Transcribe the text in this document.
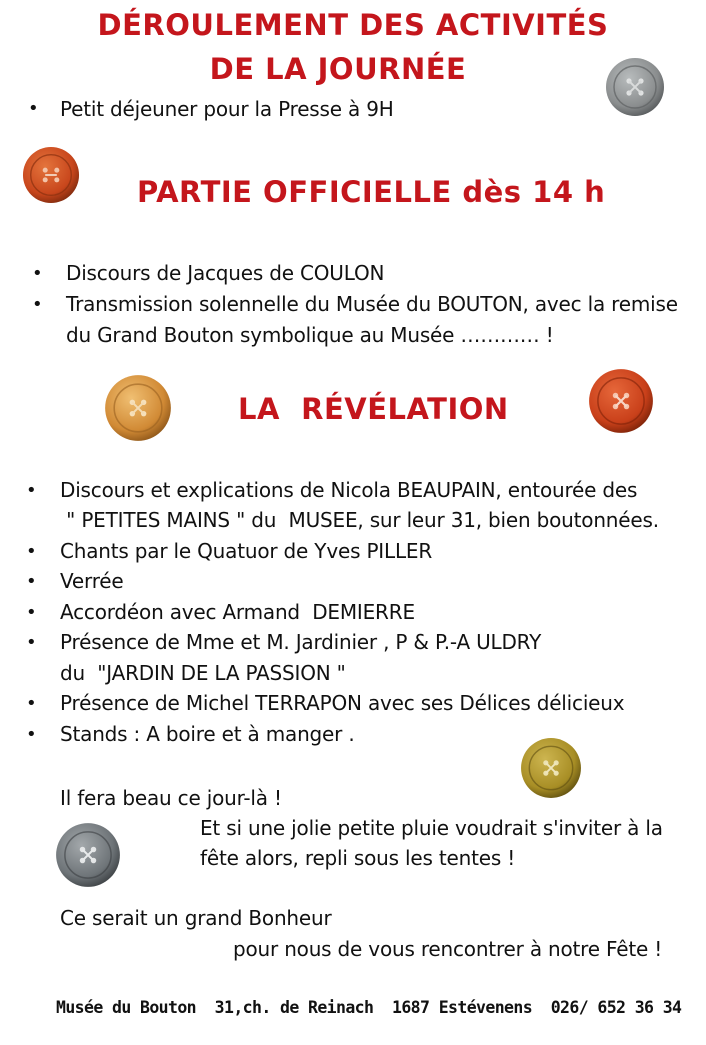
DÉROULEMENT DES ACTIVITÉS
DE LA JOURNÉE
• Petit déjeuner pour la Presse à 9H
PARTIE OFFICIELLE dès 14 h
• Discours de Jacques de COULON
• Transmission solennelle du Musée du BOUTON, avec la remise
du Grand Bouton symbolique au Musée ………… !
LA  RÉVÉLATION
• Discours et explications de Nicola BEAUPAIN, entourée des
" PETITES MAINS " du  MUSEE, sur leur 31, bien boutonnées.
• Chants par le Quatuor de Yves PILLER
• Verrée
• Accordéon avec Armand  DEMIERRE
• Présence de Mme et M. Jardinier , P & P.-A ULDRY
du  "JARDIN DE LA PASSION "
• Présence de Michel TERRAPON avec ses Délices délicieux
• Stands : A boire et à manger .
Il fera beau ce jour-là !
Et si une jolie petite pluie voudrait s'inviter à la
fête alors, repli sous les tentes !
Ce serait un grand Bonheur
pour nous de vous rencontrer à notre Fête !
Musée du Bouton  31,ch. de Reinach  1687 Estévenens  026/ 652 36 34
